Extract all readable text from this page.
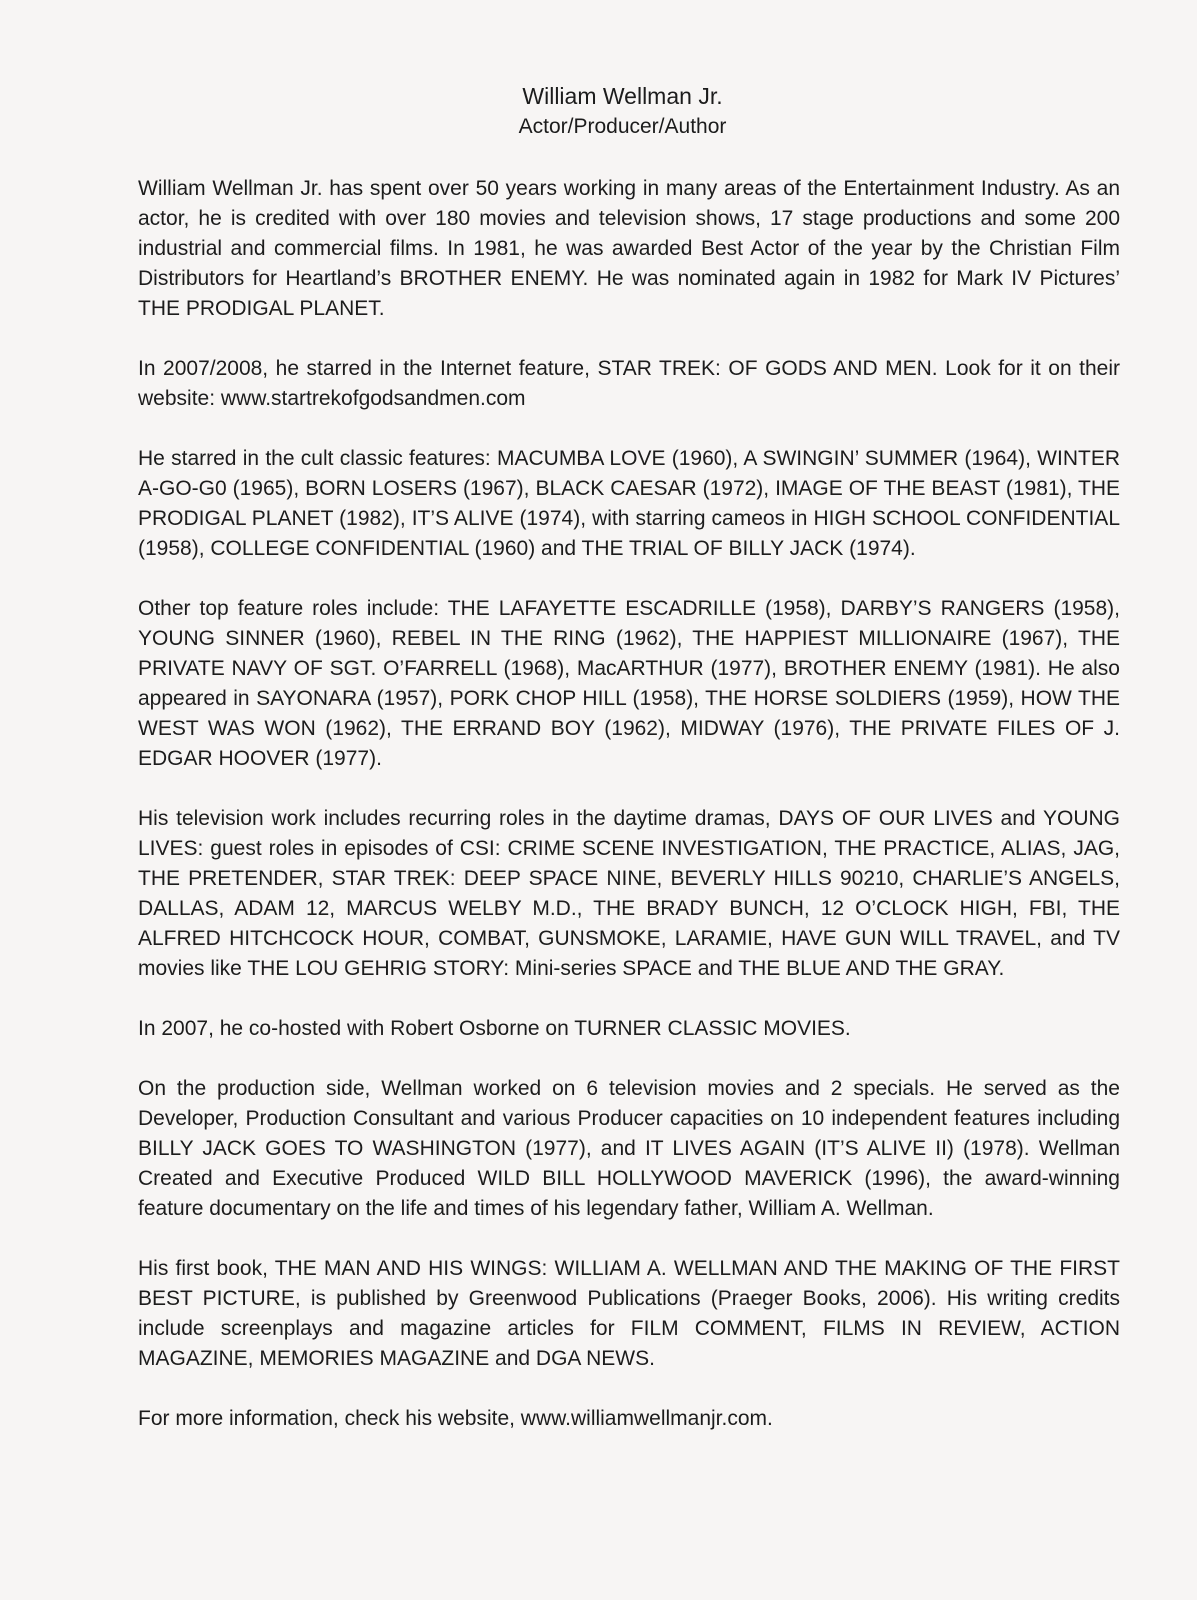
William Wellman Jr.
Actor/Producer/Author

William Wellman Jr. has spent over 50 years working in many areas of the Entertainment Industry. As an actor, he is credited with over 180 movies and television shows, 17 stage productions and some 200 industrial and commercial films. In 1981, he was awarded Best Actor of the year by the Christian Film Distributors for Heartland’s BROTHER ENEMY. He was nominated again in 1982 for Mark IV Pictures’ THE PRODIGAL PLANET.

In 2007/2008, he starred in the Internet feature, STAR TREK: OF GODS AND MEN. Look for it on their website: www.startrekofgodsandmen.com

He starred in the cult classic features: MACUMBA LOVE (1960), A SWINGIN’ SUMMER (1964), WINTER A-GO-G0 (1965), BORN LOSERS (1967), BLACK CAESAR (1972), IMAGE OF THE BEAST (1981), THE PRODIGAL PLANET (1982), IT’S ALIVE (1974), with starring cameos in HIGH SCHOOL CONFIDENTIAL (1958), COLLEGE CONFIDENTIAL (1960) and THE TRIAL OF BILLY JACK (1974).

Other top feature roles include: THE LAFAYETTE ESCADRILLE (1958), DARBY’S RANGERS (1958), YOUNG SINNER (1960), REBEL IN THE RING (1962), THE HAPPIEST MILLIONAIRE (1967), THE PRIVATE NAVY OF SGT. O’FARRELL (1968), MacARTHUR (1977), BROTHER ENEMY (1981). He also appeared in SAYONARA (1957), PORK CHOP HILL (1958), THE HORSE SOLDIERS (1959), HOW THE WEST WAS WON (1962), THE ERRAND BOY (1962), MIDWAY (1976), THE PRIVATE FILES OF J. EDGAR HOOVER (1977).

His television work includes recurring roles in the daytime dramas, DAYS OF OUR LIVES and YOUNG LIVES: guest roles in episodes of CSI: CRIME SCENE INVESTIGATION, THE PRACTICE, ALIAS, JAG, THE PRETENDER, STAR TREK: DEEP SPACE NINE, BEVERLY HILLS 90210, CHARLIE’S ANGELS, DALLAS, ADAM 12, MARCUS WELBY M.D., THE BRADY BUNCH, 12 O’CLOCK HIGH, FBI, THE ALFRED HITCHCOCK HOUR, COMBAT, GUNSMOKE, LARAMIE, HAVE GUN WILL TRAVEL, and TV movies like THE LOU GEHRIG STORY: Mini-series SPACE and THE BLUE AND THE GRAY.

In 2007, he co-hosted with Robert Osborne on TURNER CLASSIC MOVIES.

On the production side, Wellman worked on 6 television movies and 2 specials. He served as the Developer, Production Consultant and various Producer capacities on 10 independent features including BILLY JACK GOES TO WASHINGTON (1977), and IT LIVES AGAIN (IT’S ALIVE II) (1978). Wellman Created and Executive Produced WILD BILL HOLLYWOOD MAVERICK (1996), the award-winning feature documentary on the life and times of his legendary father, William A. Wellman.

His first book, THE MAN AND HIS WINGS: WILLIAM A. WELLMAN AND THE MAKING OF THE FIRST BEST PICTURE, is published by Greenwood Publications (Praeger Books, 2006). His writing credits include screenplays and magazine articles for FILM COMMENT, FILMS IN REVIEW, ACTION MAGAZINE, MEMORIES MAGAZINE and DGA NEWS.

For more information, check his website, www.williamwellmanjr.com.
